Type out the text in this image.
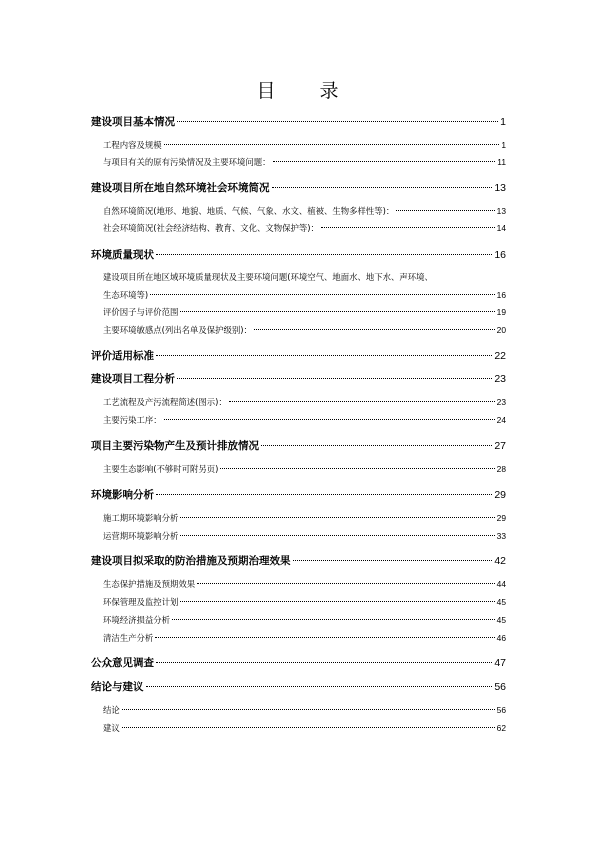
目 录
建设项目基本情况	1
工程内容及规模	1
与项目有关的原有污染情况及主要环境问题：	11
建设项目所在地自然环境社会环境简况	13
自然环境简况(地形、地貌、地质、气候、气象、水文、植被、生物多样性等)：	13
社会环境简况(社会经济结构、教育、文化、文物保护等)：	14
环境质量现状	16
建设项目所在地区域环境质量现状及主要环境问题(环境空气、地面水、地下水、声环境、
生态环境等)	16
评价因子与评价范围	19
主要环境敏感点(列出名单及保护级别)：	20
评价适用标准	22
建设项目工程分析	23
工艺流程及产污流程简述(图示)：	23
主要污染工序：	24
项目主要污染物产生及预计排放情况	27
主要生态影响(不够时可附另页)	28
环境影响分析	29
施工期环境影响分析	29
运营期环境影响分析	33
建设项目拟采取的防治措施及预期治理效果	42
生态保护措施及预期效果	44
环保管理及监控计划	45
环境经济损益分析	45
清洁生产分析	46
公众意见调查	47
结论与建议	56
结论	56
建议	62
